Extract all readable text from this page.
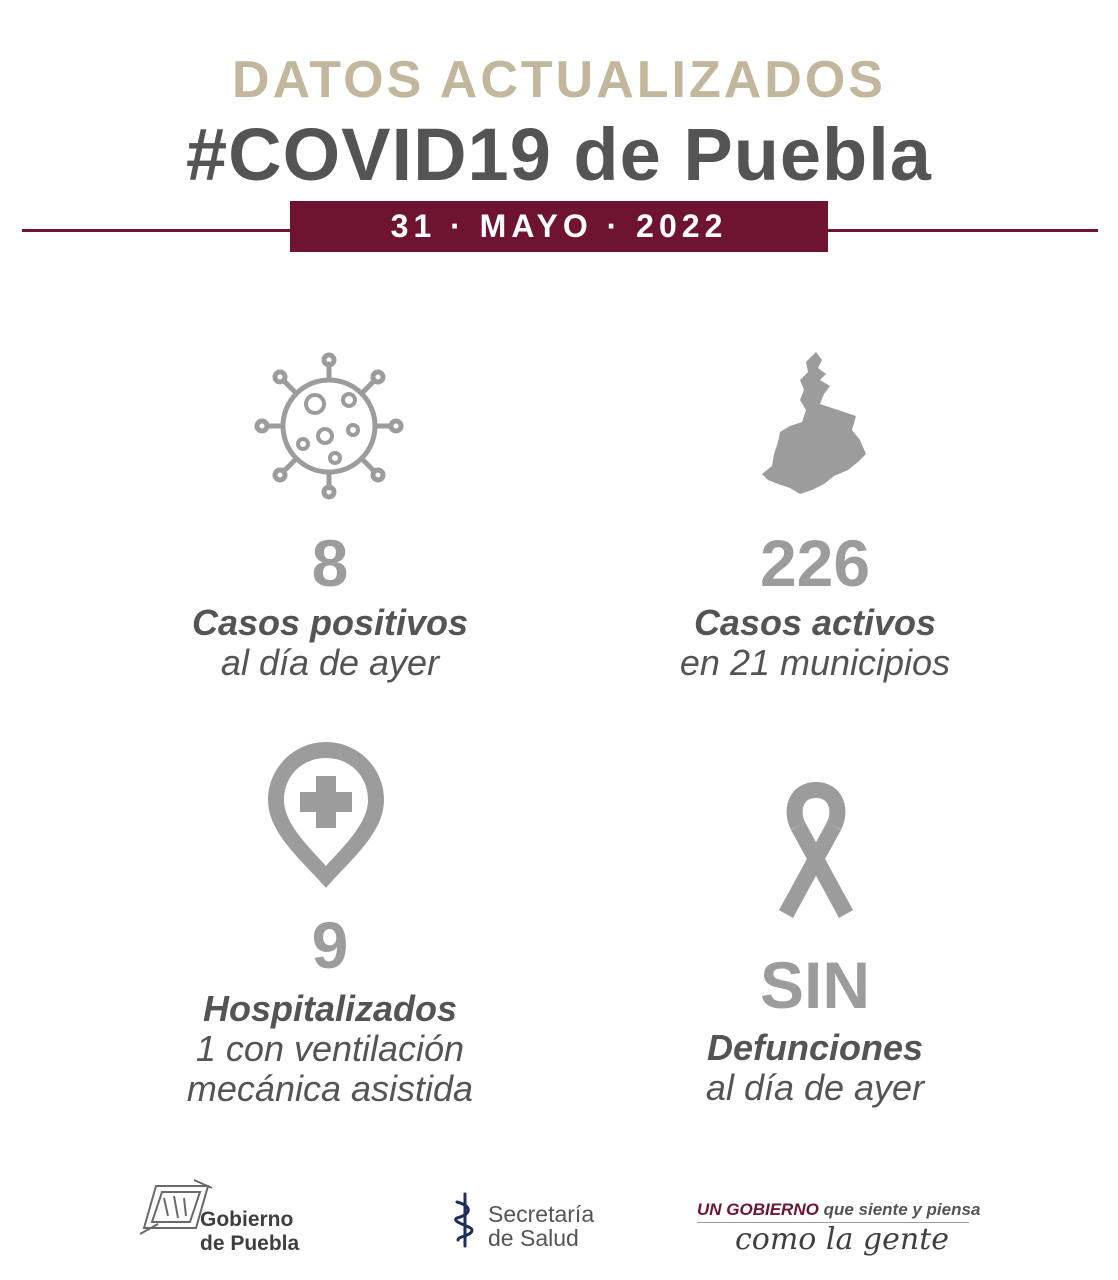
DATOS ACTUALIZADOS
#COVID19 de Puebla
31 · MAYO · 2022
8
Casos positivos
al día de ayer
226
Casos activos
en 21 municipios
9
Hospitalizados
1 con ventilación
mecánica asistida
SIN
Defunciones
al día de ayer
Gobierno
de Puebla
Secretaría
de Salud
UN GOBIERNO que siente y piensa
como la gente
